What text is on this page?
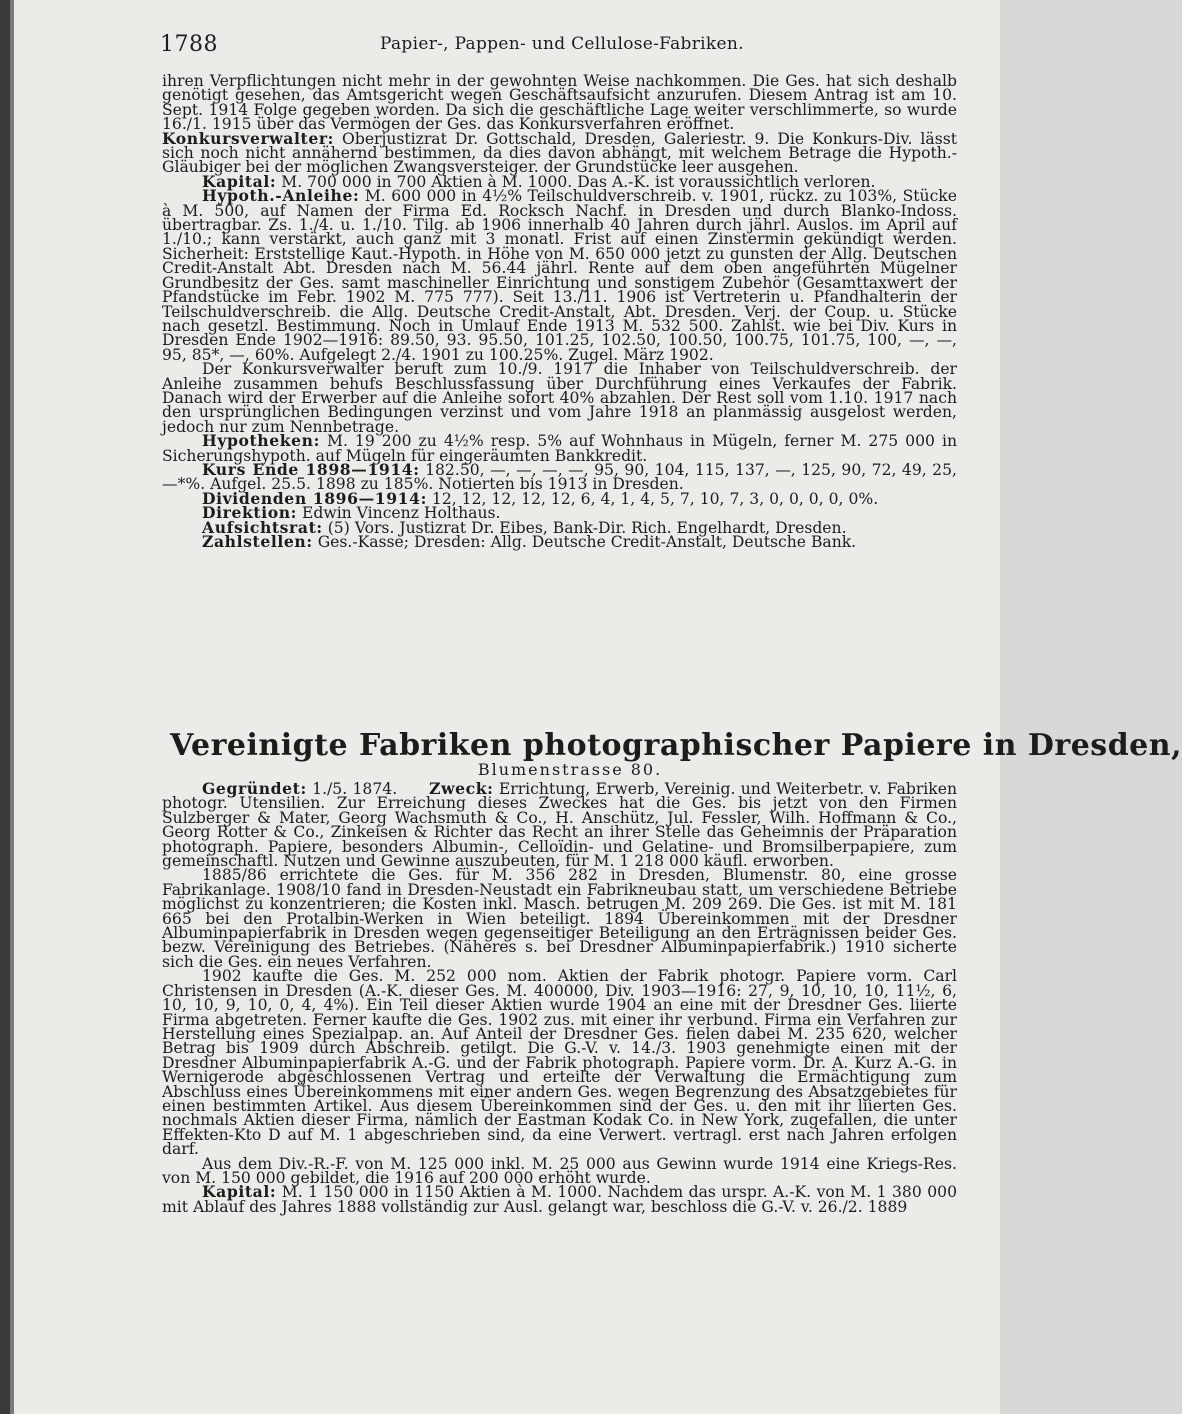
1788	Papier-, Pappen- und Cellulose-Fabriken.

ihren Verpflichtungen nicht mehr in der gewohnten Weise nachkommen. Die Ges. hat sich deshalb genötigt gesehen, das Amtsgericht wegen Geschäftsaufsicht anzurufen. Diesem Antrag ist am 10. Sept. 1914 Folge gegeben worden. Da sich die geschäftliche Lage weiter verschlimmerte, so wurde 16./1. 1915 über das Vermögen der Ges. das Konkursverfahren eröffnet.

Konkursverwalter: Oberjustizrat Dr. Gottschald, Dresden, Galeriestr. 9. Die Konkurs-Div. lässt sich noch nicht annähernd bestimmen, da dies davon abhängt, mit welchem Betrage die Hypoth.-Gläubiger bei der möglichen Zwangsversteiger. der Grundstücke leer ausgehen.

Kapital: M. 700 000 in 700 Aktien à M. 1000. Das A.-K. ist voraussichtlich verloren.

Hypoth.-Anleihe: M. 600 000 in 4½% Teilschuldverschreib. v. 1901, rückz. zu 103%, Stücke à M. 500, auf Namen der Firma Ed. Rocksch Nachf. in Dresden und durch Blanko-Indoss. übertragbar. Zs. 1./4. u. 1./10. Tilg. ab 1906 innerhalb 40 Jahren durch jährl. Auslos. im April auf 1./10.; kann verstärkt, auch ganz mit 3 monatl. Frist auf einen Zinstermin gekündigt werden. Sicherheit: Erststellige Kaut.-Hypoth. in Höhe von M. 650 000 jetzt zu gunsten der Allg. Deutschen Credit-Anstalt Abt. Dresden nach M. 56.44 jährl. Rente auf dem oben angeführten Mügelner Grundbesitz der Ges. samt maschineller Einrichtung und sonstigem Zubehör (Gesamttaxwert der Pfandstücke im Febr. 1902 M. 775 777). Seit 13./11. 1906 ist Vertreterin u. Pfandhalterin der Teilschuldverschreib. die Allg. Deutsche Credit-Anstalt, Abt. Dresden. Verj. der Coup. u. Stücke nach gesetzl. Bestimmung. Noch in Umlauf Ende 1913 M. 532 500. Zahlst. wie bei Div. Kurs in Dresden Ende 1902—1916: 89.50, 93. 95.50, 101.25, 102.50, 100.50, 100.75, 101.75, 100, —, —, 95, 85*, —, 60%. Aufgelegt 2./4. 1901 zu 100.25%. Zugel. März 1902.

Der Konkursverwalter beruft zum 10./9. 1917 die Inhaber von Teilschuldverschreib. der Anleihe zusammen behufs Beschlussfassung über Durchführung eines Verkaufes der Fabrik. Danach wird der Erwerber auf die Anleihe sofort 40% abzahlen. Der Rest soll vom 1.10. 1917 nach den ursprünglichen Bedingungen verzinst und vom Jahre 1918 an planmässig ausgelost werden, jedoch nur zum Nennbetrage.

Hypotheken: M. 19 200 zu 4½% resp. 5% auf Wohnhaus in Mügeln, ferner M. 275 000 in Sicherungshypoth. auf Mügeln für eingeräumten Bankkredit.

Kurs Ende 1898—1914: 182.50, —, —, —, —, 95, 90, 104, 115, 137, —, 125, 90, 72, 49, 25, —*%. Aufgel. 25.5. 1898 zu 185%. Notierten bis 1913 in Dresden.

Dividenden 1896—1914: 12, 12, 12, 12, 12, 6, 4, 1, 4, 5, 7, 10, 7, 3, 0, 0, 0, 0, 0%.

Direktion: Edwin Vincenz Holthaus.

Aufsichtsrat: (5) Vors. Justizrat Dr. Eibes, Bank-Dir. Rich. Engelhardt, Dresden.

Zahlstellen: Ges.-Kasse; Dresden: Allg. Deutsche Credit-Anstalt, Deutsche Bank.

Vereinigte Fabriken photographischer Papiere in Dresden,
Blumenstrasse 80.

Gegründet: 1./5. 1874. Zweck: Errichtung, Erwerb, Vereinig. und Weiterbetr. v. Fabriken photogr. Utensilien. Zur Erreichung dieses Zweckes hat die Ges. bis jetzt von den Firmen Sulzberger & Mater, Georg Wachsmuth & Co., H. Anschütz, Jul. Fessler, Wilh. Hoffmann & Co., Georg Rotter & Co., Zinkeisen & Richter das Recht an ihrer Stelle das Geheimnis der Präparation photograph. Papiere, besonders Albumin-, Celloïdin- und Gelatine- und Bromsilberpapiere, zum gemeinschaftl. Nutzen und Gewinne auszubeuten, für M. 1 218 000 käufl. erworben.

1885/86 errichtete die Ges. für M. 356 282 in Dresden, Blumenstr. 80, eine grosse Fabrikanlage. 1908/10 fand in Dresden-Neustadt ein Fabrikneubau statt, um verschiedene Betriebe möglichst zu konzentrieren; die Kosten inkl. Masch. betrugen M. 209 269. Die Ges. ist mit M. 181 665 bei den Protalbin-Werken in Wien beteiligt. 1894 Übereinkommen mit der Dresdner Albuminpapierfabrik in Dresden wegen gegenseitiger Beteiligung an den Erträgnissen beider Ges. bezw. Vereinigung des Betriebes. (Näheres s. bei Dresdner Albuminpapierfabrik.) 1910 sicherte sich die Ges. ein neues Verfahren.

1902 kaufte die Ges. M. 252 000 nom. Aktien der Fabrik photogr. Papiere vorm. Carl Christensen in Dresden (A.-K. dieser Ges. M. 400000, Div. 1903—1916: 27, 9, 10, 10, 10, 11½, 6, 10, 10, 9, 10, 0, 4, 4%). Ein Teil dieser Aktien wurde 1904 an eine mit der Dresdner Ges. liierte Firma abgetreten. Ferner kaufte die Ges. 1902 zus. mit einer ihr verbund. Firma ein Verfahren zur Herstellung eines Spezialpap. an. Auf Anteil der Dresdner Ges. fielen dabei M. 235 620, welcher Betrag bis 1909 durch Abschreib. getilgt. Die G.-V. v. 14./3. 1903 genehmigte einen mit der Dresdner Albuminpapierfabrik A.-G. und der Fabrik photograph. Papiere vorm. Dr. A. Kurz A.-G. in Wernigerode abgeschlossenen Vertrag und erteilte der Verwaltung die Ermächtigung zum Abschluss eines Übereinkommens mit einer andern Ges. wegen Begrenzung des Absatzgebietes für einen bestimmten Artikel. Aus diesem Übereinkommen sind der Ges. u. den mit ihr liierten Ges. nochmals Aktien dieser Firma, nämlich der Eastman Kodak Co. in New York, zugefallen, die unter Effekten-Kto D auf M. 1 abgeschrieben sind, da eine Verwert. vertragl. erst nach Jahren erfolgen darf.

Aus dem Div.-R.-F. von M. 125 000 inkl. M. 25 000 aus Gewinn wurde 1914 eine Kriegs-Res. von M. 150 000 gebildet, die 1916 auf 200 000 erhöht wurde.

Kapital: M. 1 150 000 in 1150 Aktien à M. 1000. Nachdem das urspr. A.-K. von M. 1 380 000 mit Ablauf des Jahres 1888 vollständig zur Ausl. gelangt war, beschloss die G.-V. v. 26./2. 1889
